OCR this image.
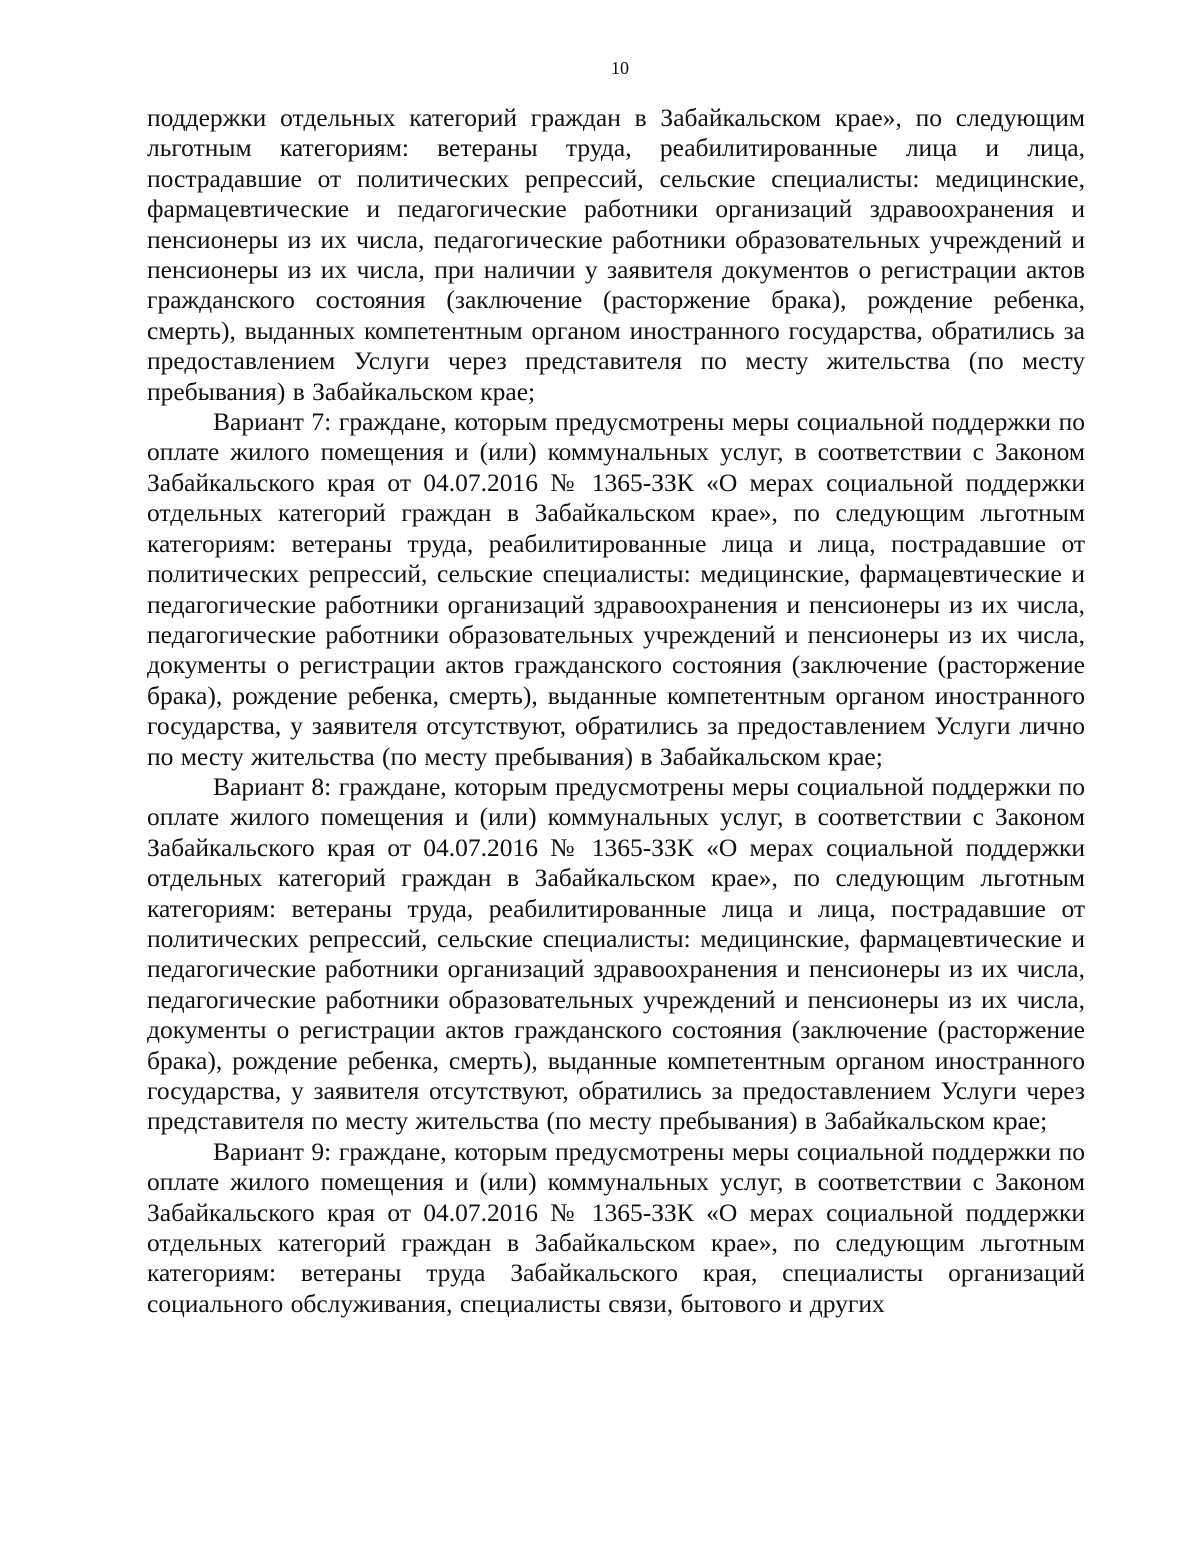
10

поддержки отдельных категорий граждан в Забайкальском крае», по следующим льготным категориям: ветераны труда, реабилитированные лица и лица, пострадавшие от политических репрессий, сельские специалисты: медицинские, фармацевтические и педагогические работники организаций здравоохранения и пенсионеры из их числа, педагогические работники образовательных учреждений и пенсионеры из их числа, при наличии у заявителя документов о регистрации актов гражданского состояния (заключение (расторжение брака), рождение ребенка, смерть), выданных компетентным органом иностранного государства, обратились за предоставлением Услуги через представителя по месту жительства (по месту пребывания) в Забайкальском крае;

Вариант 7: граждане, которым предусмотрены меры социальной поддержки по оплате жилого помещения и (или) коммунальных услуг, в соответствии с Законом Забайкальского края от 04.07.2016 № 1365-ЗЗК «О мерах социальной поддержки отдельных категорий граждан в Забайкальском крае», по следующим льготным категориям: ветераны труда, реабилитированные лица и лица, пострадавшие от политических репрессий, сельские специалисты: медицинские, фармацевтические и педагогические работники организаций здравоохранения и пенсионеры из их числа, педагогические работники образовательных учреждений и пенсионеры из их числа, документы о регистрации актов гражданского состояния (заключение (расторжение брака), рождение ребенка, смерть), выданные компетентным органом иностранного государства, у заявителя отсутствуют, обратились за предоставлением Услуги лично по месту жительства (по месту пребывания) в Забайкальском крае;

Вариант 8: граждане, которым предусмотрены меры социальной поддержки по оплате жилого помещения и (или) коммунальных услуг, в соответствии с Законом Забайкальского края от 04.07.2016 № 1365-ЗЗК «О мерах социальной поддержки отдельных категорий граждан в Забайкальском крае», по следующим льготным категориям: ветераны труда, реабилитированные лица и лица, пострадавшие от политических репрессий, сельские специалисты: медицинские, фармацевтические и педагогические работники организаций здравоохранения и пенсионеры из их числа, педагогические работники образовательных учреждений и пенсионеры из их числа, документы о регистрации актов гражданского состояния (заключение (расторжение брака), рождение ребенка, смерть), выданные компетентным органом иностранного государства, у заявителя отсутствуют, обратились за предоставлением Услуги через представителя по месту жительства (по месту пребывания) в Забайкальском крае;

Вариант 9: граждане, которым предусмотрены меры социальной поддержки по оплате жилого помещения и (или) коммунальных услуг, в соответствии с Законом Забайкальского края от 04.07.2016 № 1365-ЗЗК «О мерах социальной поддержки отдельных категорий граждан в Забайкальском крае», по следующим льготным категориям: ветераны труда Забайкальского края, специалисты организаций социального обслуживания, специалисты связи, бытового и других
